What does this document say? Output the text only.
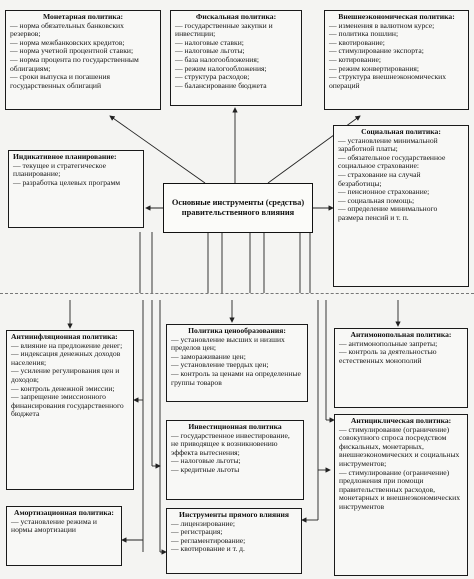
Монетарная политика:
— норма обязательных банковских резервов;
— норма межбанковских кредитов;
— норма учетной процентной ставки;
— норма процента по государственным облигациям;
— сроки выпуска и погашения государственных облигаций
Фискальная политика:
— государственные закупки и инвестиции;
— налоговые ставки;
— налоговые льготы;
— база налогообложения;
— режим налогообложения;
— структура расходов;
— балансирование бюджета
Внешнеэкономическая политика:
— изменения в валютном курсе;
— политика пошлин;
— квотирование;
— стимулирование экспорта;
— котирование;
— режим конвертирования;
— структура внешнеэкономических операций
Индикативное планирование:
— текущее и стратегическое планирование;
— разработка целевых программ
Основные инструменты (средства) правительственного влияния
Социальная политика:
— установление минимальной заработной платы;
— обязательное государственное социальное страхование:
— страхование на случай безработицы;
— пенсионное страхование;
— социальная помощь;
— определение минимального размера пенсий и т. п.
Антиинфляционная политика:
— влияние на предложение денег;
— индексация денежных доходов населения;
— усиление регулирования цен и доходов;
— контроль денежной эмиссии;
— запрещение эмиссионного финансирования государственного бюджета
Политика ценообразования:
— установление высших и низших пределов цен;
— замораживание цен;
— установление твердых цен;
— контроль за ценами на определенные группы товаров
Антимонопольная политика:
— антимонопольные запреты;
— контроль за деятельностью естественных монополий
Инвестиционная политика
— государственное инвестирование, не приводящее к возникновению эффекта вытеснения;
— налоговые льготы;
— кредитные льготы
Антициклическая политика:
— стимулирование (ограничение) совокупного спроса посредством фискальных, монетарных, внешнеэкономических и социальных инструментов;
— стимулирование (ограничение) предложения при помощи правительственных расходов, монетарных и внешнеэкономических инструментов
Амортизационная политика:
— установление режима и нормы амортизации
Инструменты прямого влияния
— лицензирование;
— регистрация;
— регламентирование;
— квотирование и т. д.
